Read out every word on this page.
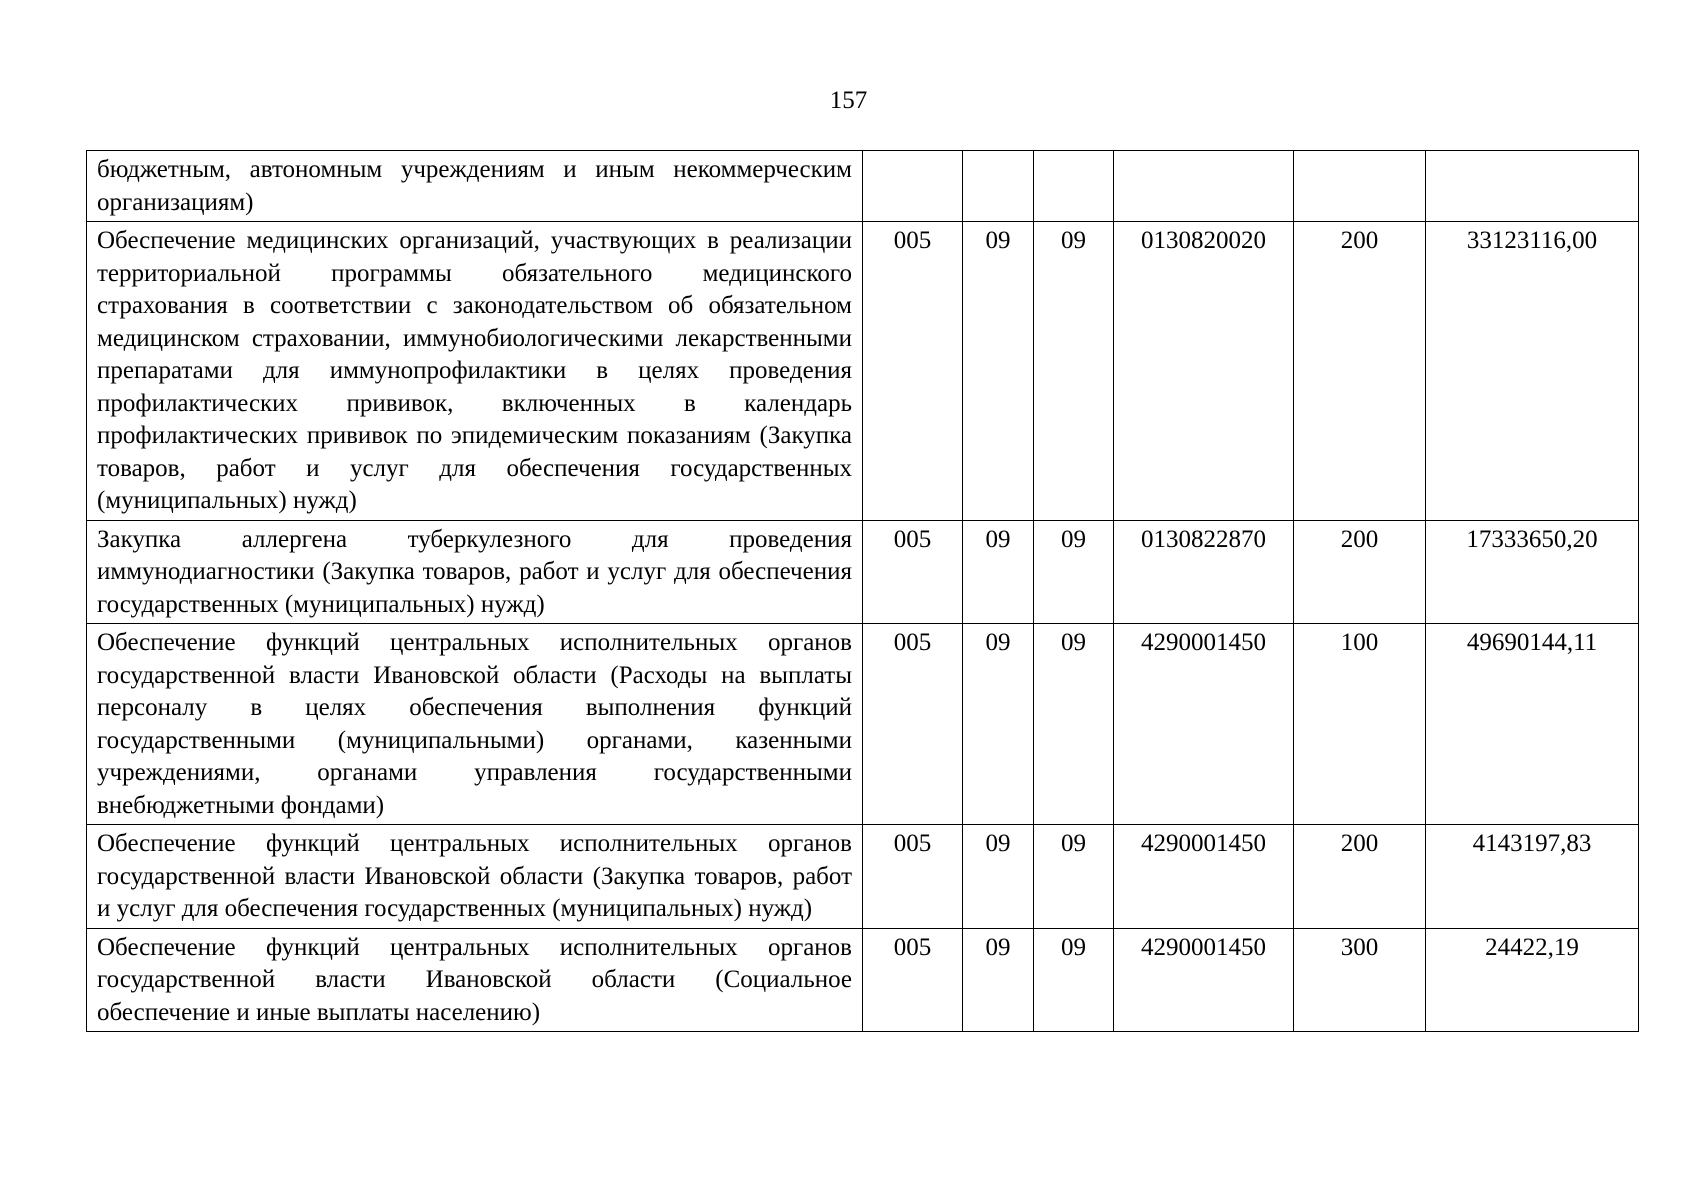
157
бюджетным, автономным учреждениям и иным некоммерческим организациям)						
Обеспечение медицинских организаций, участвующих в реализации территориальной программы обязательного медицинского страхования в соответствии с законодательством об обязательном медицинском страховании, иммунобиологическими лекарственными препаратами для иммунопрофилактики в целях проведения профилактических прививок, включенных в календарь профилактических прививок по эпидемическим показаниям (Закупка товаров, работ и услуг для обеспечения государственных (муниципальных) нужд)	005	09	09	0130820020	200	33123116,00
Закупка аллергена туберкулезного для проведения иммунодиагностики (Закупка товаров, работ и услуг для обеспечения государственных (муниципальных) нужд)	005	09	09	0130822870	200	17333650,20
Обеспечение функций центральных исполнительных органов государственной власти Ивановской области (Расходы на выплаты персоналу в целях обеспечения выполнения функций государственными (муниципальными) органами, казенными учреждениями, органами управления государственными внебюджетными фондами)	005	09	09	4290001450	100	49690144,11
Обеспечение функций центральных исполнительных органов государственной власти Ивановской области (Закупка товаров, работ и услуг для обеспечения государственных (муниципальных) нужд)	005	09	09	4290001450	200	4143197,83
Обеспечение функций центральных исполнительных органов государственной власти Ивановской области (Социальное обеспечение и иные выплаты населению)	005	09	09	4290001450	300	24422,19
